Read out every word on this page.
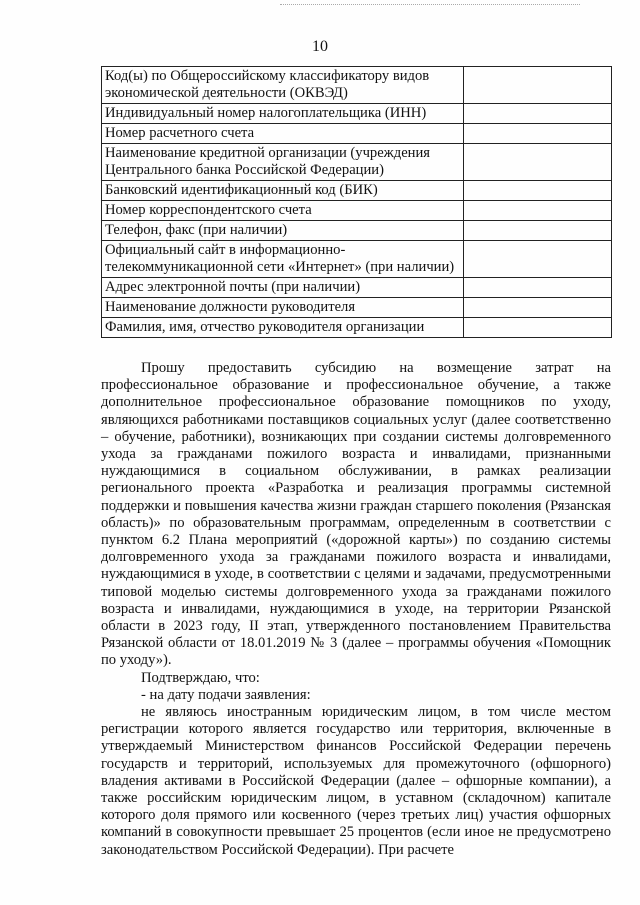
10
Код(ы) по Общероссийскому классификатору видов экономической деятельности (ОКВЭД)	
Индивидуальный номер налогоплательщика (ИНН)	
Номер расчетного счета	
Наименование кредитной организации (учреждения Центрального банка Российской Федерации)	
Банковский идентификационный код (БИК)	
Номер корреспондентского счета	
Телефон, факс (при наличии)	
Официальный сайт в информационно-телекоммуникационной сети «Интернет» (при наличии)	
Адрес электронной почты (при наличии)	
Наименование должности руководителя	
Фамилия, имя, отчество руководителя организации	

Прошу предоставить субсидию на возмещение затрат на профессиональное образование и профессиональное обучение, а также дополнительное профессиональное образование помощников по уходу, являющихся работниками поставщиков социальных услуг (далее соответственно – обучение, работники), возникающих при создании системы долговременного ухода за гражданами пожилого возраста и инвалидами, признанными нуждающимися в социальном обслуживании, в рамках реализации регионального проекта «Разработка и реализация программы системной поддержки и повышения качества жизни граждан старшего поколения (Рязанская область)» по образовательным программам, определенным в соответствии с пунктом 6.2 Плана мероприятий («дорожной карты») по созданию системы долговременного ухода за гражданами пожилого возраста и инвалидами, нуждающимися в уходе, в соответствии с целями и задачами, предусмотренными типовой моделью системы долговременного ухода за гражданами пожилого возраста и инвалидами, нуждающимися в уходе, на территории Рязанской области в 2023 году, II этап, утвержденного постановлением Правительства Рязанской области от 18.01.2019 № 3 (далее – программы обучения «Помощник по уходу»).

Подтверждаю, что:

- на дату подачи заявления:

не являюсь иностранным юридическим лицом, в том числе местом регистрации которого является государство или территория, включенные в утверждаемый Министерством финансов Российской Федерации перечень государств и территорий, используемых для промежуточного (офшорного) владения активами в Российской Федерации (далее – офшорные компании), а также российским юридическим лицом, в уставном (складочном) капитале которого доля прямого или косвенного (через третьих лиц) участия офшорных компаний в совокупности превышает 25 процентов (если иное не предусмотрено законодательством Российской Федерации). При расчете
